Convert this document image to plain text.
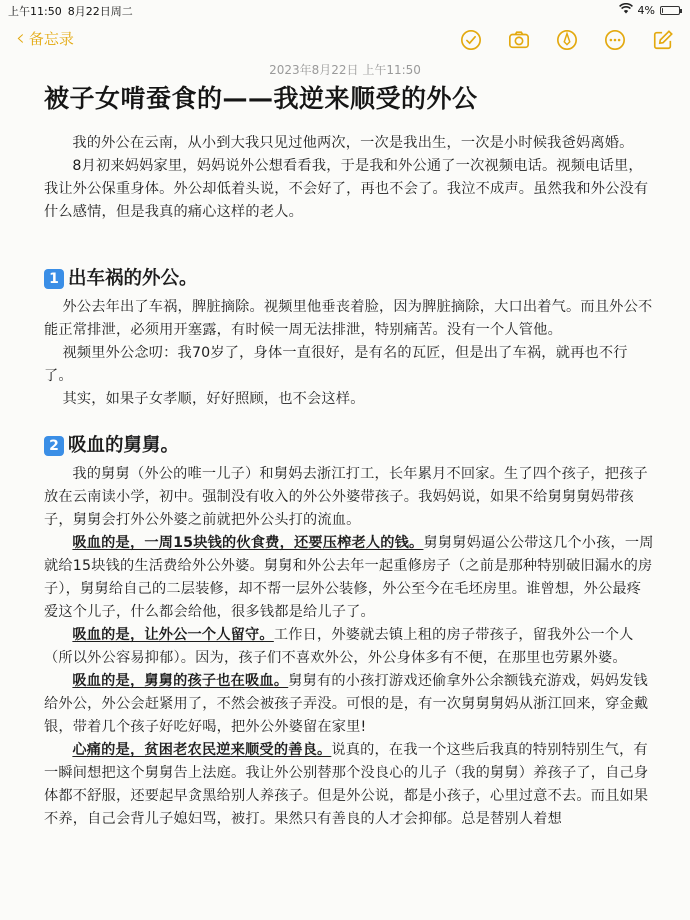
上午11:50 8月22日周二	4%
‹ 备忘录
2023年8月22日 上午11:50
被子女啃蚕食的——我逆来顺受的外公

我的外公在云南，从小到大我只见过他两次，一次是我出生，一次是小时候我爸妈离婚。

8月初来妈妈家里，妈妈说外公想看看我，于是我和外公通了一次视频电话。视频电话里，我让外公保重身体。外公却低着头说，不会好了，再也不会了。我泣不成声。虽然我和外公没有什么感情，但是我真的痛心这样的老人。

1 出车祸的外公。

外公去年出了车祸，脾脏摘除。视频里他垂丧着脸，因为脾脏摘除，大口出着气。而且外公不能正常排泄，必须用开塞露，有时候一周无法排泄，特别痛苦。没有一个人管他。

视频里外公念叨：我70岁了，身体一直很好，是有名的瓦匠，但是出了车祸，就再也不行了。

其实，如果子女孝顺，好好照顾，也不会这样。

2 吸血的舅舅。

我的舅舅（外公的唯一儿子）和舅妈去浙江打工，长年累月不回家。生了四个孩子，把孩子放在云南读小学，初中。强制没有收入的外公外婆带孩子。我妈妈说，如果不给舅舅舅妈带孩子，舅舅会打外公外婆之前就把外公头打的流血。

吸血的是，一周15块钱的伙食费，还要压榨老人的钱。舅舅舅妈逼公公带这几个小孩，一周就给15块钱的生活费给外公外婆。舅舅和外公去年一起重修房子（之前是那种特别破旧漏水的房子），舅舅给自己的二层装修，却不帮一层外公装修，外公至今在毛坯房里。谁曾想，外公最疼爱这个儿子，什么都会给他，很多钱都是给儿子了。

吸血的是，让外公一个人留守。工作日，外婆就去镇上租的房子带孩子，留我外公一个人（所以外公容易抑郁）。因为，孩子们不喜欢外公，外公身体多有不便，在那里也劳累外婆。

吸血的是，舅舅的孩子也在吸血。舅舅有的小孩打游戏还偷拿外公余额钱充游戏，妈妈发钱给外公，外公会赶紧用了，不然会被孩子弄没。可恨的是，有一次舅舅舅妈从浙江回来，穿金戴银，带着几个孩子好吃好喝，把外公外婆留在家里!

心痛的是，贫困老农民逆来顺受的善良。说真的，在我一个这些后我真的特别特别生气，有一瞬间想把这个舅舅告上法庭。我让外公别替那个没良心的儿子（我的舅舅）养孩子了，自己身体都不舒服，还要起早贪黑给别人养孩子。但是外公说，都是小孩子，心里过意不去。而且如果不养，自己会背儿子媳妇骂，被打。果然只有善良的人才会抑郁。总是替别人着想
